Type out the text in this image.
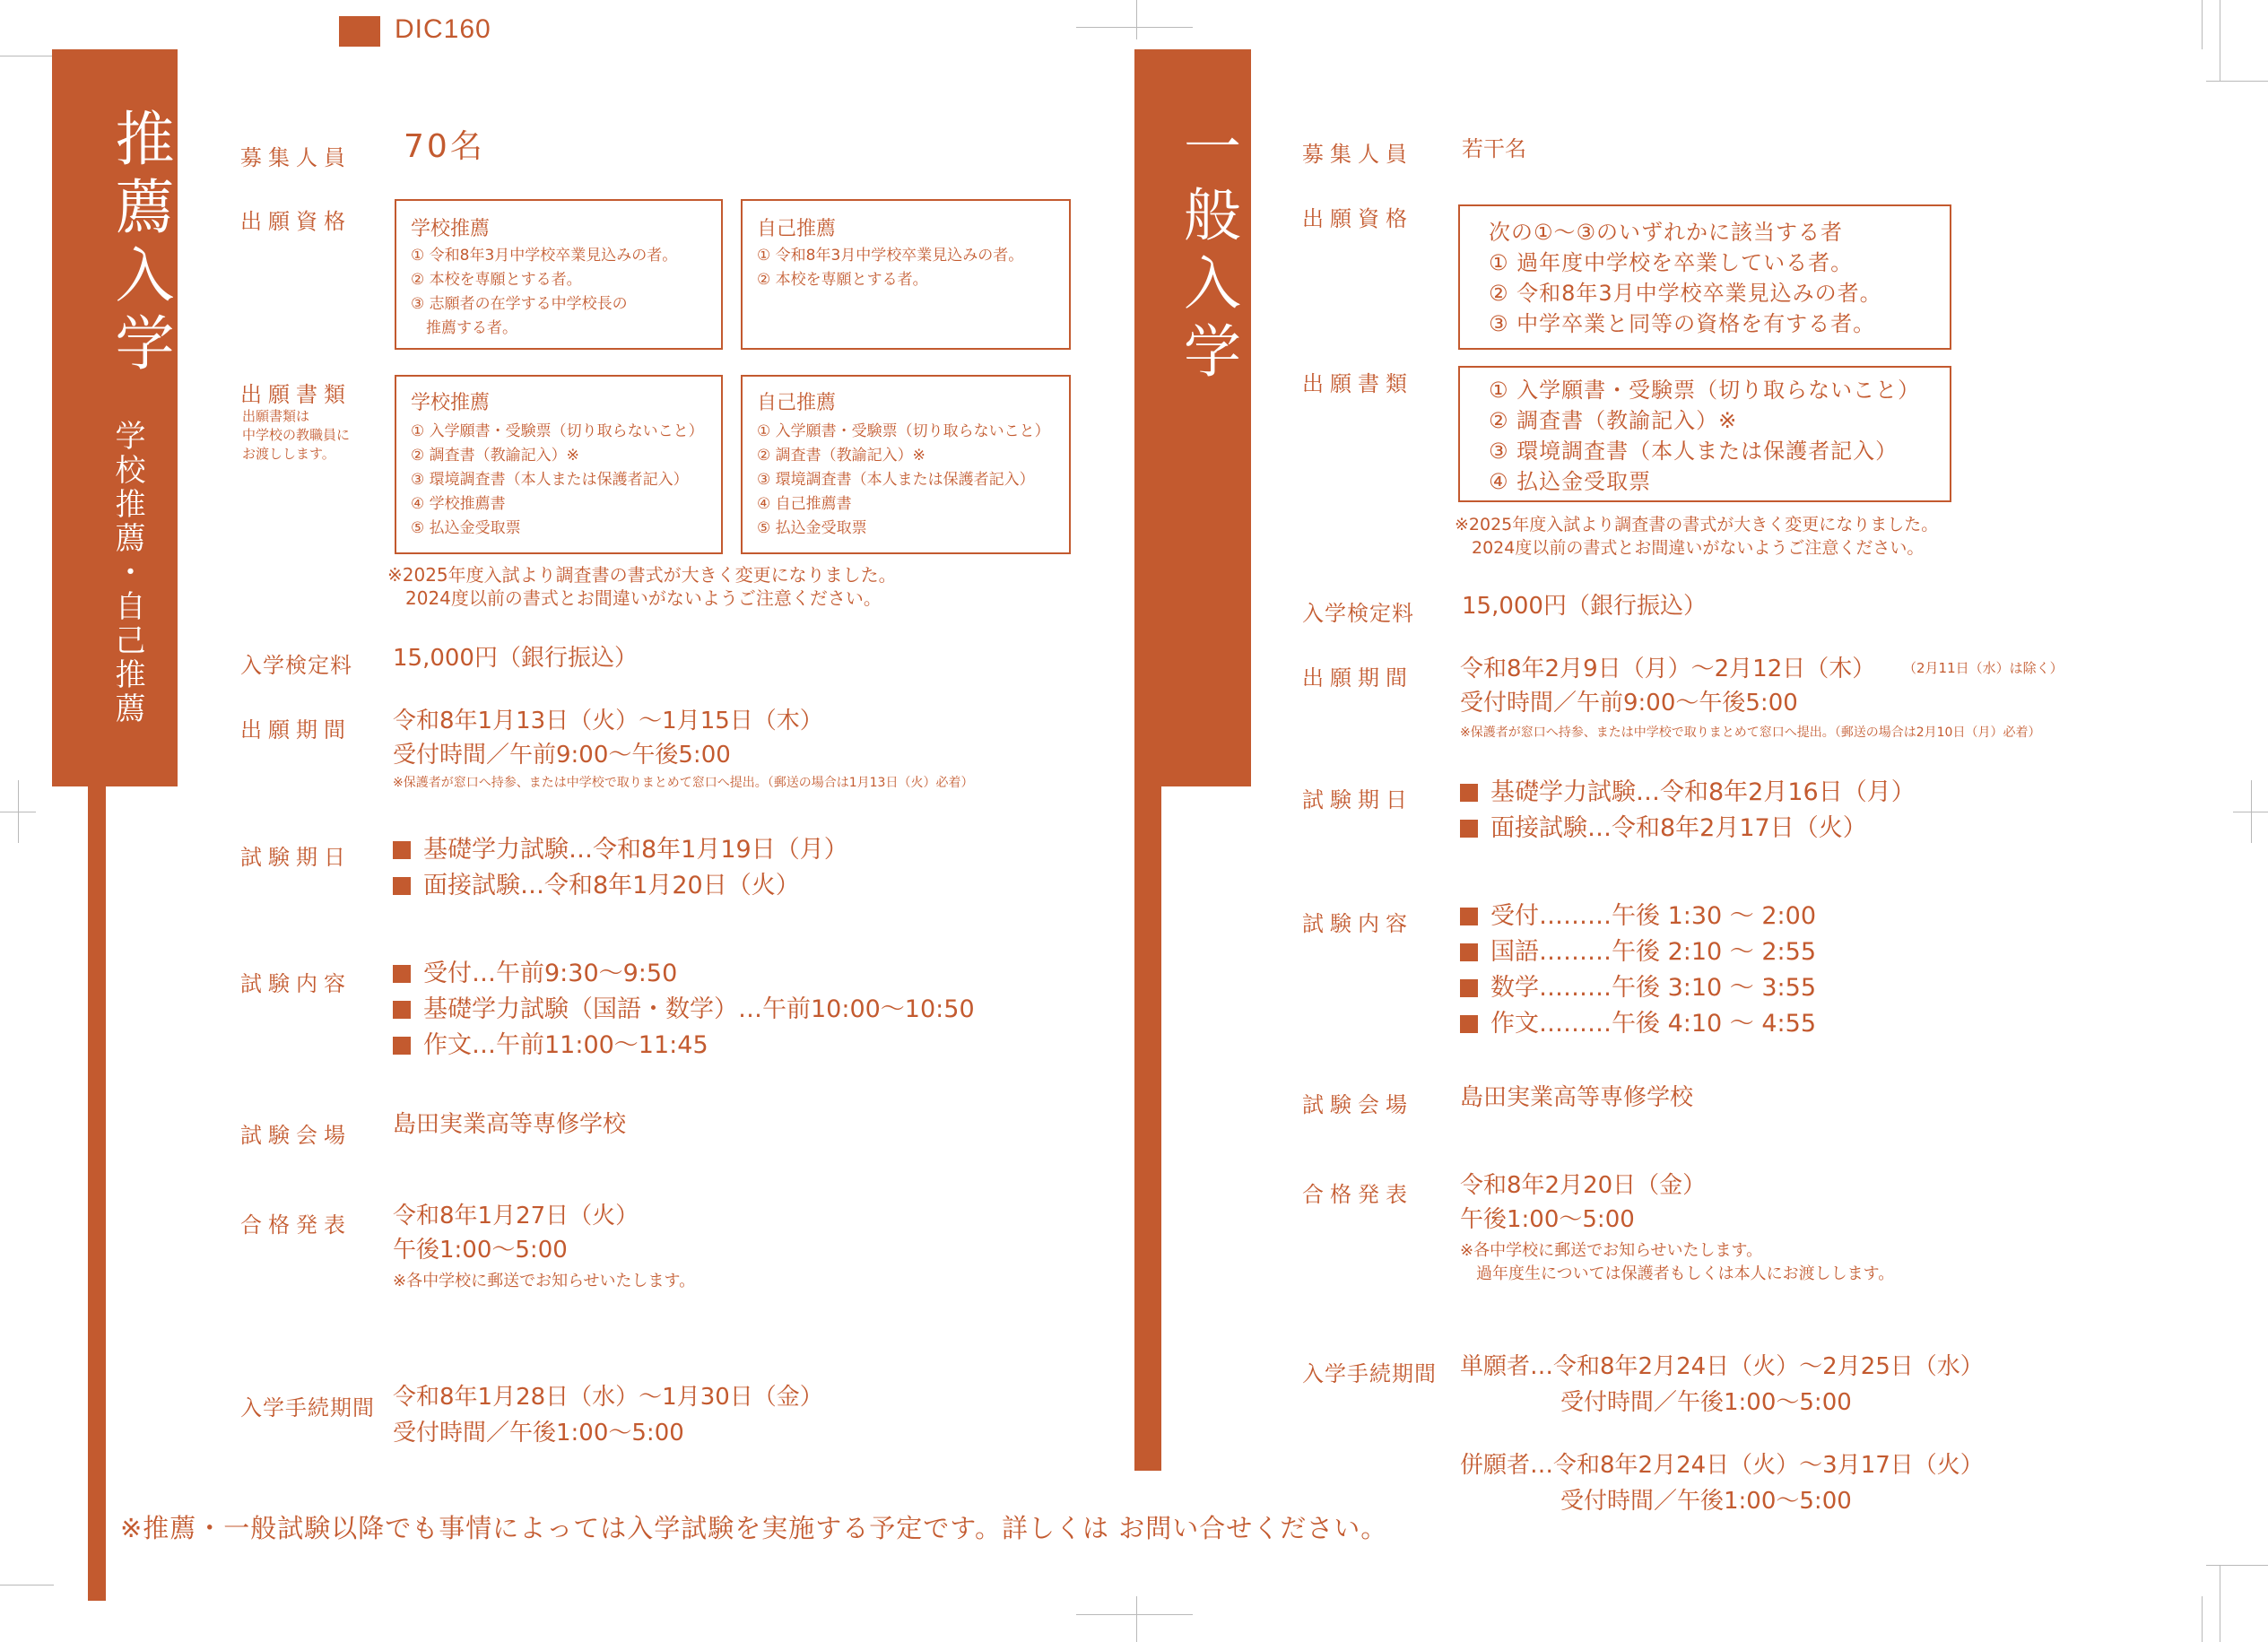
DIC160
推薦入学
学校推薦・自己推薦
一般入学
募集人員 70名
出願資格	学校推薦
① 令和8年3月中学校卒業見込みの者。
② 本校を専願とする者。
③ 志願者の在学する中学校長の
　推薦する者。
自己推薦
① 令和8年3月中学校卒業見込みの者。
② 本校を専願とする者。
出願書類
出願書類は
中学校の教職員に
お渡しします。
学校推薦
① 入学願書・受験票（切り取らないこと）
② 調査書（教諭記入）※
③ 環境調査書（本人または保護者記入）
④ 学校推薦書
⑤ 払込金受取票
自己推薦
① 入学願書・受験票（切り取らないこと）
② 調査書（教諭記入）※
③ 環境調査書（本人または保護者記入）
④ 自己推薦書
⑤ 払込金受取票
※2025年度入試より調査書の書式が大きく変更になりました。
　2024度以前の書式とお間違いがないようご注意ください。
入学検定料 15,000円（銀行振込）
出願期間 令和8年1月13日（火）〜1月15日（木）
受付時間／午前9:00〜午後5:00
※保護者が窓口へ持参、または中学校で取りまとめて窓口へ提出。（郵送の場合は1月13日（火）必着）
試験期日	基礎学力試験…令和8年1月19日（月）
面接試験…令和8年1月20日（火）
試験内容	受付…午前9:30〜9:50
基礎学力試験（国語・数学）…午前10:00〜10:50
作文…午前11:00〜11:45
試験会場 島田実業高等専修学校
合格発表 令和8年1月27日（火）
午後1:00〜5:00
※各中学校に郵送でお知らせいたします。
入学手続期間 令和8年1月28日（水）〜1月30日（金）
受付時間／午後1:00〜5:00
募集人員 若干名
出願資格
次の①〜③のいずれかに該当する者
① 過年度中学校を卒業している者。
② 令和8年3月中学校卒業見込みの者。
③ 中学卒業と同等の資格を有する者。
出願書類	① 入学願書・受験票（切り取らないこと）
② 調査書（教諭記入）※
③ 環境調査書（本人または保護者記入）
④ 払込金受取票
※2025年度入試より調査書の書式が大きく変更になりました。
　2024度以前の書式とお間違いがないようご注意ください。
入学検定料 15,000円（銀行振込）
出願期間 令和8年2月9日（月）〜2月12日（木） （2月11日（水）は除く）
受付時間／午前9:00〜午後5:00
※保護者が窓口へ持参、または中学校で取りまとめて窓口へ提出。（郵送の場合は2月10日（月）必着）
試験期日	基礎学力試験…令和8年2月16日（月）
面接試験…令和8年2月17日（火）
試験内容	受付………午後 1:30 〜 2:00
国語………午後 2:10 〜 2:55
数学………午後 3:10 〜 3:55
作文………午後 4:10 〜 4:55
試験会場 島田実業高等専修学校
合格発表 令和8年2月20日（金）
午後1:00〜5:00
※各中学校に郵送でお知らせいたします。
　過年度生については保護者もしくは本人にお渡しします。
入学手続期間 単願者…令和8年2月24日（火）〜2月25日（水）
受付時間／午後1:00〜5:00
併願者…令和8年2月24日（火）〜3月17日（火）
受付時間／午後1:00〜5:00
※推薦・一般試験以降でも事情によっては入学試験を実施する予定です。詳しくは お問い合せください。
